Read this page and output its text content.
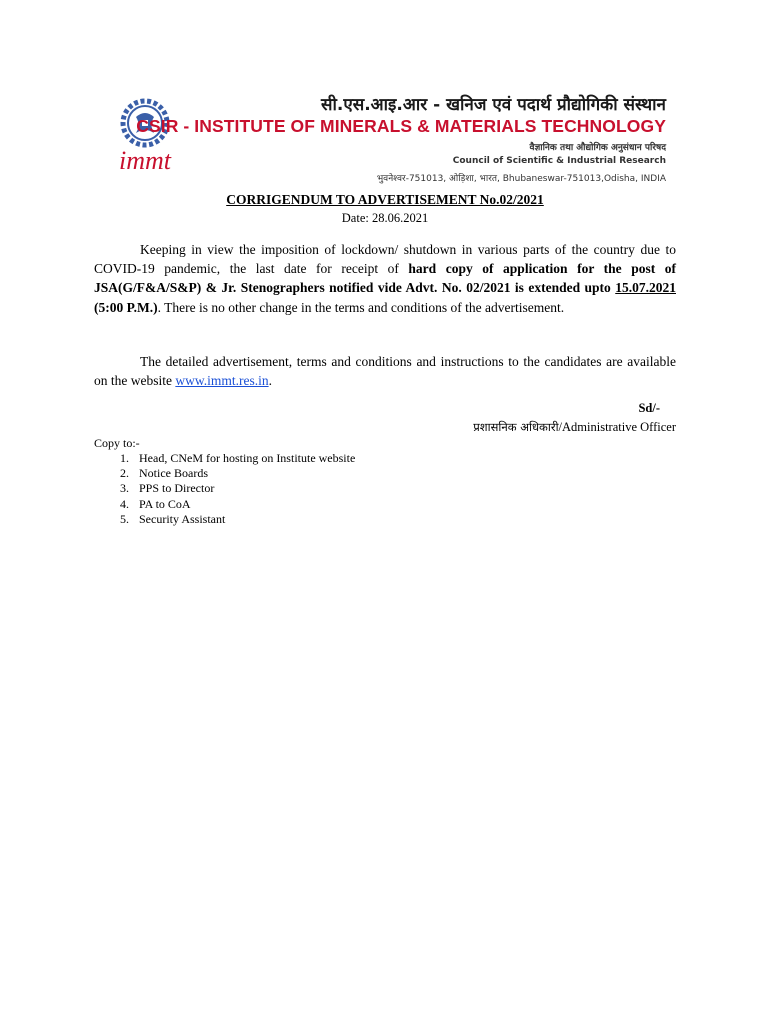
immt
सी.एस.आइ.आर - खनिज एवं पदार्थ प्रौद्योगिकी संस्थान
CSIR - INSTITUTE OF MINERALS & MATERIALS TECHNOLOGY
वैज्ञानिक तथा औद्योगिक अनुसंधान परिषद
Council of Scientific & Industrial Research
भुवनेश्वर-751013, ओड़िशा, भारत, Bhubaneswar-751013,Odisha, INDIA
CORRIGENDUM TO ADVERTISEMENT No.02/2021
Date: 28.06.2021
Keeping in view the imposition of lockdown/ shutdown in various parts of the country due to COVID-19 pandemic, the last date for receipt of hard copy of application for the post of JSA(G/F&A/S&P) & Jr. Stenographers notified vide Advt. No. 02/2021 is extended upto 15.07.2021 (5:00 P.M.). There is no other change in the terms and conditions of the advertisement.
The detailed advertisement, terms and conditions and instructions to the candidates are available on the website www.immt.res.in.
Sd/-
प्रशासनिक अधिकारी/Administrative Officer
Copy to:-
1. Head, CNeM for hosting on Institute website
2. Notice Boards
3. PPS to Director
4. PA to CoA
5. Security Assistant
